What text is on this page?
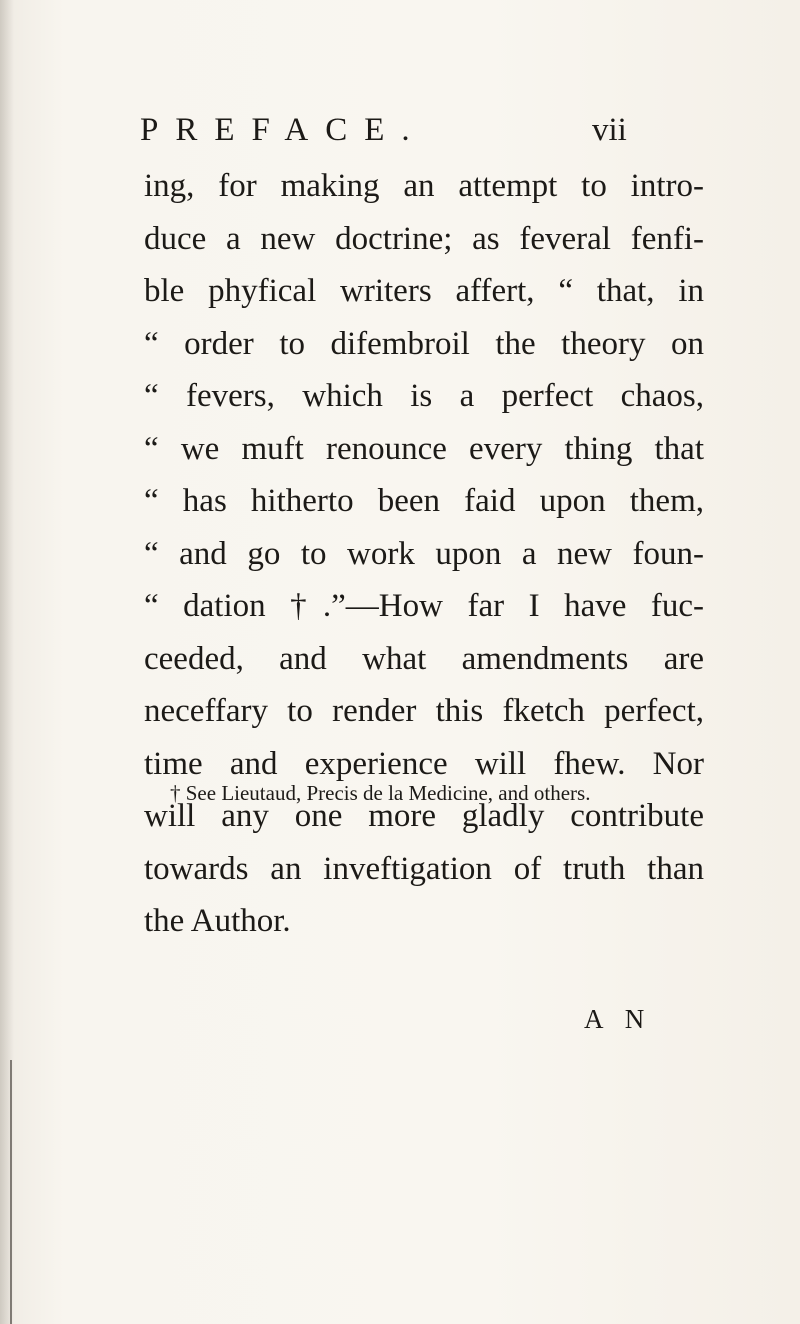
PREFACE.	vii
ing, for making an attempt to intro-
duce a new doctrine; as feveral fenfi-
ble phyfical writers affert, “ that, in
“ order to difembroil the theory on
“ fevers, which is a perfect chaos,
“ we muft renounce every thing that
“ has hitherto been faid upon them,
“ and go to work upon a new foun-
“ dation †.”—How far I have fuc-
ceeded, and what amendments are
neceffary to render this fketch perfect,
time and experience will fhew. Nor
will any one more gladly contribute
towards an inveftigation of truth than
the Author.
† See Lieutaud, Precis de la Medicine, and others.
A N
